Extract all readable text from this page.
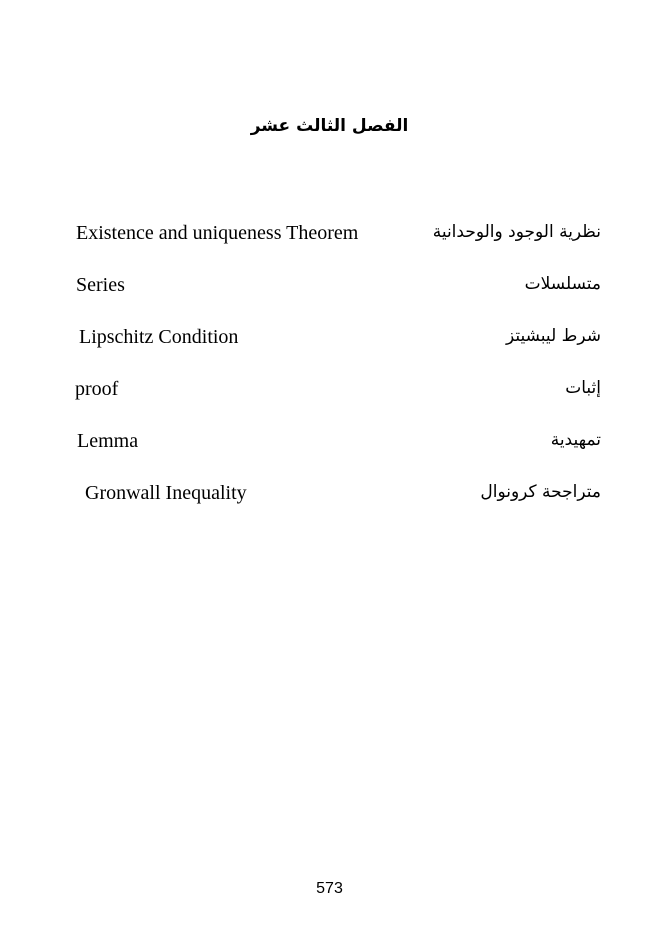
الفصل الثالث عشر
Existence and uniqueness Theorem	نظرية الوجود والوحدانية
Series	متسلسلات
Lipschitz Condition	شرط ليبشيتز
proof	إثبات
Lemma	تمهيدية
Gronwall Inequality	متراجحة كرونوال
573
